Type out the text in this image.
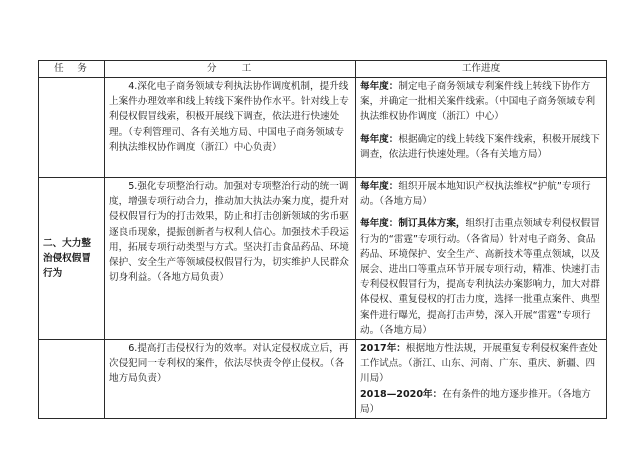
任　务	分　　工	工作进度
	4.深化电子商务领域专利执法协作调度机制，提升线上案件办理效率和线上转线下案件协作水平。针对线上专利侵权假冒线索，积极开展线下调查，依法进行快速处理。（专利管理司、各有关地方局、中国电子商务领域专利执法维权协作调度（浙江）中心负责）	每年度：制定电子商务领域专利案件线上转线下协作方案，并确定一批相关案件线索。（中国电子商务领域专利执法维权协作调度（浙江）中心）
每年度：根据确定的线上转线下案件线索，积极开展线下调查，依法进行快速处理。（各有关地方局）

二、大力整治侵权假冒行为	5.强化专项整治行动。加强对专项整治行动的统一调度，增强专项行动合力，推动加大执法办案力度，提升对侵权假冒行为的打击效果，防止和打击创新领域的劣币驱逐良币现象，提振创新者与权利人信心。加强技术手段运用，拓展专项行动类型与方式。坚决打击食品药品、环境保护、安全生产等领域侵权假冒行为，切实维护人民群众切身利益。（各地方局负责）	每年度：组织开展本地知识产权执法维权“护航”专项行动。（各地方局）
每年度：制订具体方案，组织打击重点领域专利侵权假冒行为的“雷霆”专项行动。（各省局）针对电子商务、食品药品、环境保护、安全生产、高新技术等重点领域，以及展会、进出口等重点环节开展专项行动，精准、快速打击专利侵权假冒行为，提高专利执法办案影响力，加大对群体侵权、重复侵权的打击力度，选择一批重点案件、典型案件进行曝光，提高打击声势，深入开展“雷霆”专项行动。（各地方局）

	6.提高打击侵权行为的效率。对认定侵权成立后，再次侵犯同一专利权的案件，依法尽快责令停止侵权。（各地方局负责）	2017年：根据地方性法规，开展重复专利侵权案件查处工作试点。（浙江、山东、河南、广东、重庆、新疆、四川局）
2018—2020年：在有条件的地方逐步推开。（各地方局）
